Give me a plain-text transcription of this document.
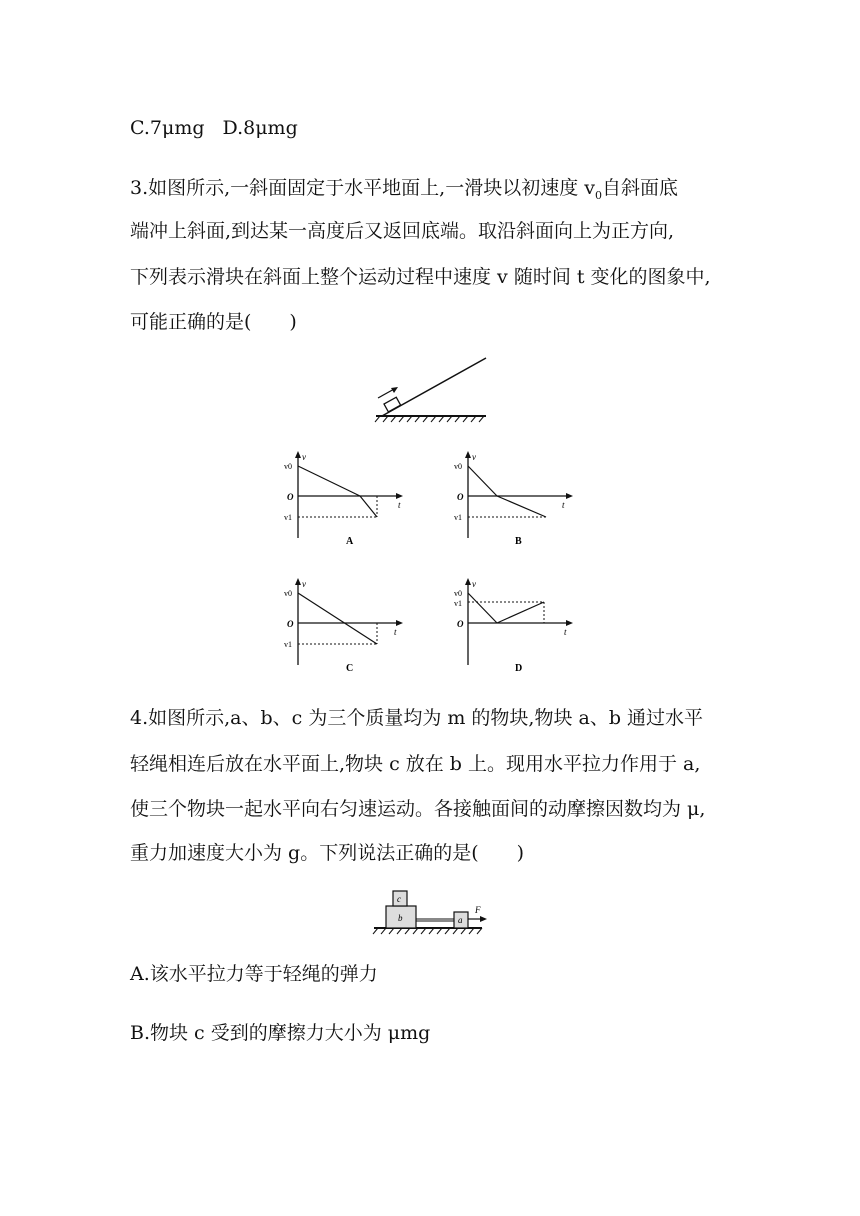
C.7μmg D.8μmg
3.如图所示,一斜面固定于水平地面上,一滑块以初速度 $v_0$自斜面底
端冲上斜面,到达某一高度后又返回底端。取沿斜面向上为正方向,
下列表示滑块在斜面上整个运动过程中速度 v 随时间 t 变化的图象中,
可能正确的是(　　)
v
t
O
v0
v1
A
v
t
O
v0
v1
B
v
t
O
v0
v1
C
v
t
O
v0
v1
D
4.如图所示,a、b、c 为三个质量均为 m 的物块,物块 a、b 通过水平
轻绳相连后放在水平面上,物块 c 放在 b 上。现用水平拉力作用于 a,
使三个物块一起水平向右匀速运动。各接触面间的动摩擦因数均为 μ,
重力加速度大小为 g。下列说法正确的是(　　)
b
c
a
F
A.该水平拉力等于轻绳的弹力
B.物块 c 受到的摩擦力大小为 μmg
